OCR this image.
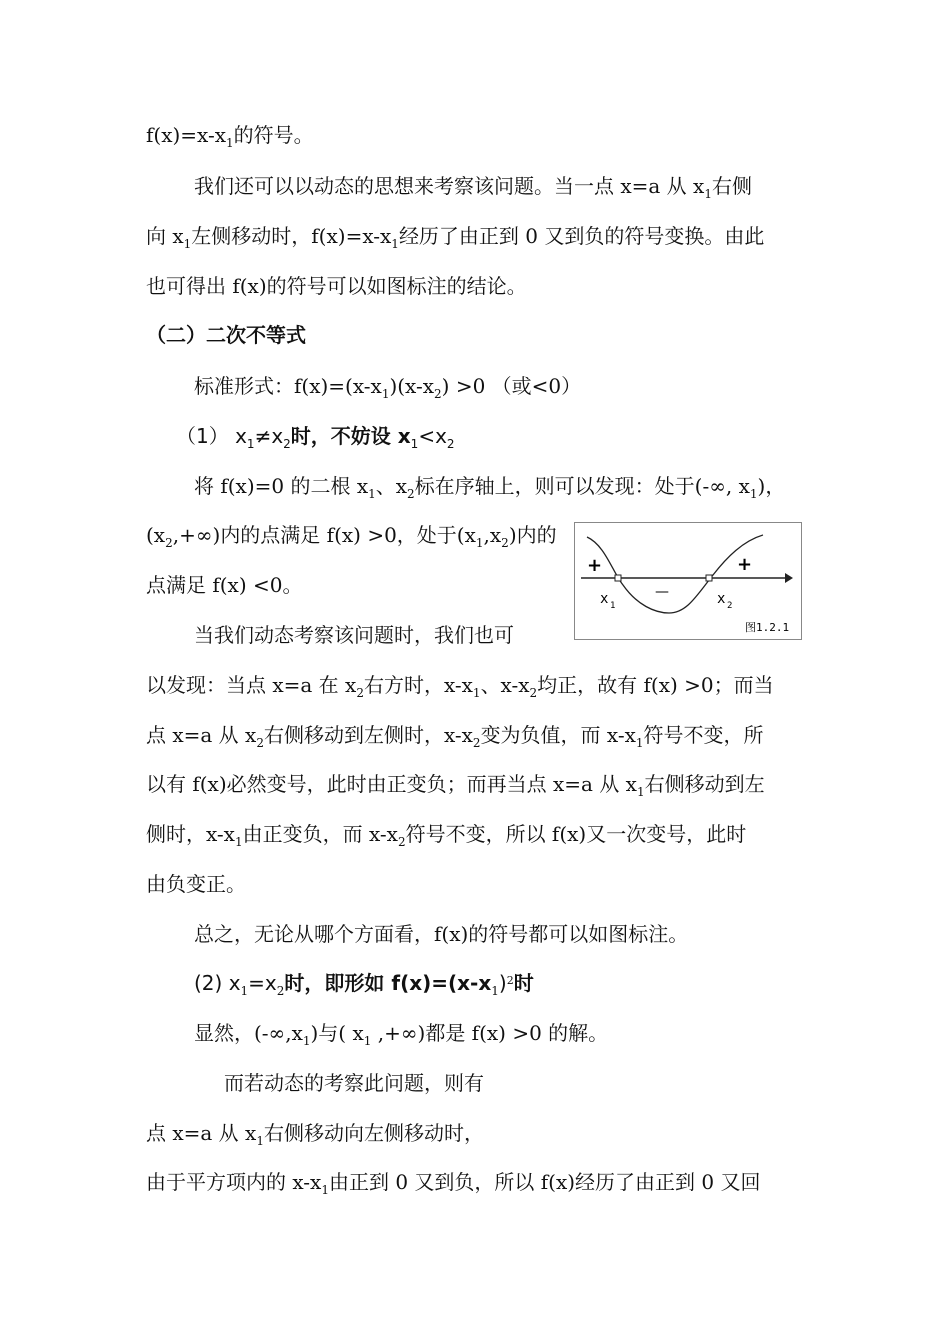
$f(x)=x-x_1$的符号。
我们还可以以动态的思想来考察该问题。当一点 x=a 从 $x_1$右侧
向 $x_1$左侧移动时，$f(x)=x-x_1$经历了由正到 0 又到负的符号变换。由此
也可得出 f(x)的符号可以如图标注的结论。
（二）二次不等式
标准形式：$f(x)=(x-x_1)(x-x_2) >0$ （或<0）
（1） $x_1\ne x_2$时，不妨设 $x_1<x_2$
将 f(x)=0 的二根 $x_1$、$x_2$标在序轴上，则可以发现：处于(-∞, $x_1$)，
$(x_2,+\infty)$内的点满足 f(x) >0，处于$(x_1,x_2)$内的
点满足 f(x) <0。
当我们动态考察该问题时，我们也可
+	+
—
x 1	x 2
图1.2.1
以发现：当点 x=a 在 $x_2$右方时，$x-x_1$、$x-x_2$均正，故有 f(x) >0；而当
点 x=a 从 $x_2$右侧移动到左侧时，$x-x_2$变为负值，而 $x-x_1$符号不变，所
以有 f(x)必然变号，此时由正变负；而再当点 x=a 从 $x_1$右侧移动到左
侧时，$x-x_1$由正变负，而 $x-x_2$符号不变，所以 f(x)又一次变号，此时
由负变正。
总之，无论从哪个方面看，f(x)的符号都可以如图标注。
(2) $x_1=x_2$时，即形如 $f(x)=(x-x_1)^2$时
显然，$(-\infty,x_1)$与( $x_1$ ,+∞)都是 f(x) >0 的解。
而若动态的考察此问题，则有
点 x=a 从 $x_1$右侧移动向左侧移动时，
由于平方项内的 $x-x_1$由正到 0 又到负，所以 f(x)经历了由正到 0 又回
